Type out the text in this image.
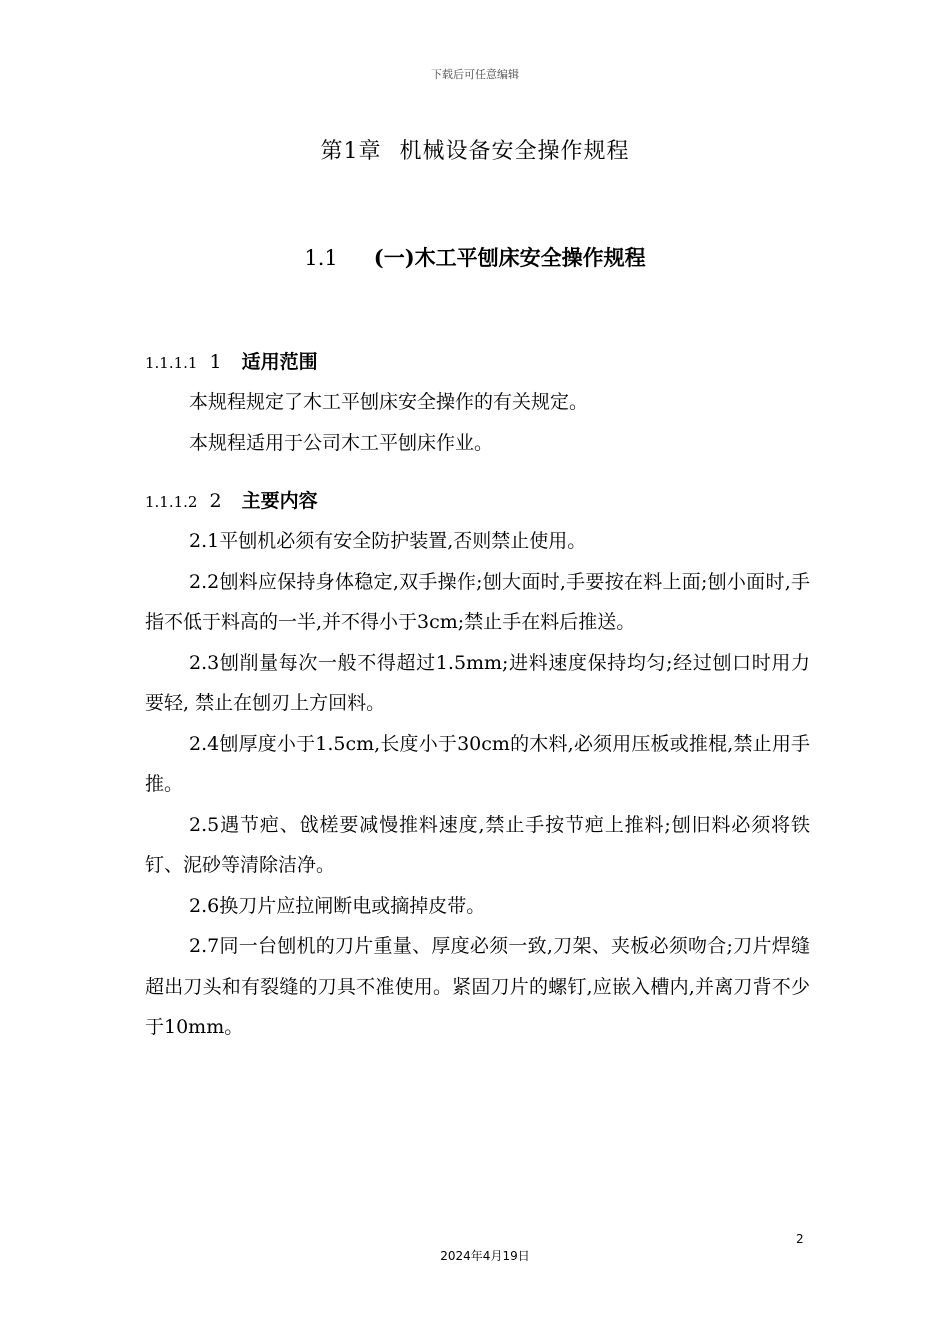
下载后可任意编辑
第1章 机械设备安全操作规程
1.1 (一)木工平刨床安全操作规程
1.1.1.1 1 适用范围

本规程规定了木工平刨床安全操作的有关规定。

本规程适用于公司木工平刨床作业。

1.1.1.2 2 主要内容

2.1平刨机必须有安全防护装置,否则禁止使用。

2.2刨料应保持身体稳定,双手操作;刨大面时,手要按在料上面;刨小面时,手指不低于料高的一半,并不得小于3cm;禁止手在料后推送。

2.3刨削量每次一般不得超过1.5mm;进料速度保持均匀;经过刨口时用力要轻, 禁止在刨刃上方回料。

2.4刨厚度小于1.5cm,长度小于30cm的木料,必须用压板或推棍,禁止用手推。

2.5遇节疤、戗槎要减慢推料速度,禁止手按节疤上推料;刨旧料必须将铁钉、泥砂等清除洁净。

2.6换刀片应拉闸断电或摘掉皮带。

2.7同一台刨机的刀片重量、厚度必须一致,刀架、夹板必须吻合;刀片焊缝超出刀头和有裂缝的刀具不准使用。紧固刀片的螺钉,应嵌入槽内,并离刀背不少于10mm。

2
2024年4月19日
